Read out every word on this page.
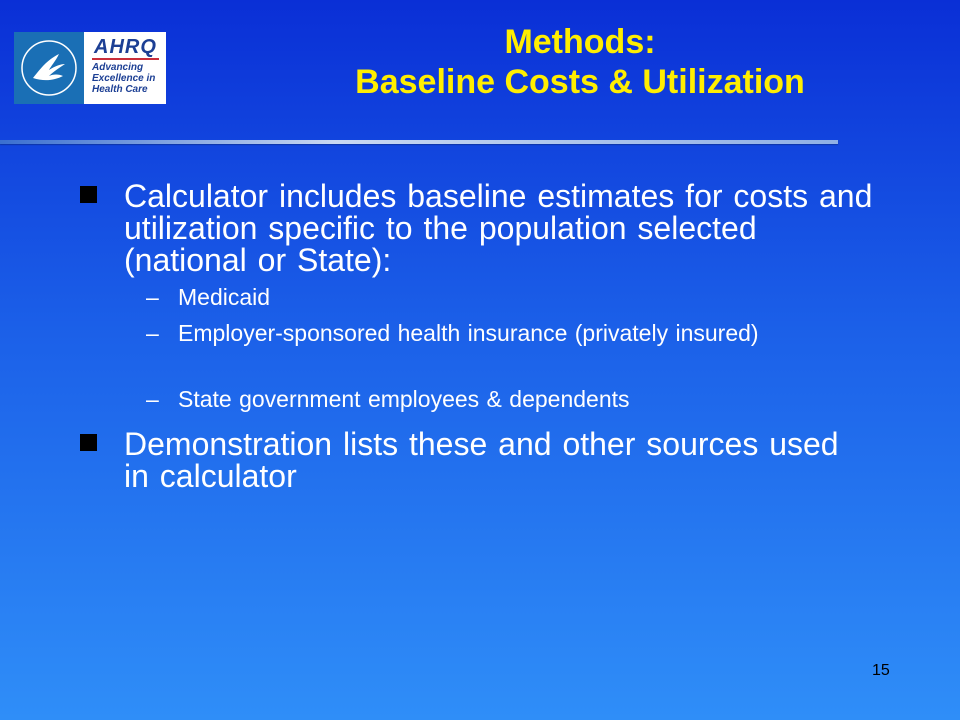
AHRQ
Advancing
Excellence in
Health Care
Methods:
Baseline Costs & Utilization
Calculator includes baseline estimates for costs and utilization specific to the population selected (national or State):
– Medicaid
– Employer-sponsored health insurance (privately insured)
– State government employees & dependents
Demonstration lists these and other sources used in calculator
15
